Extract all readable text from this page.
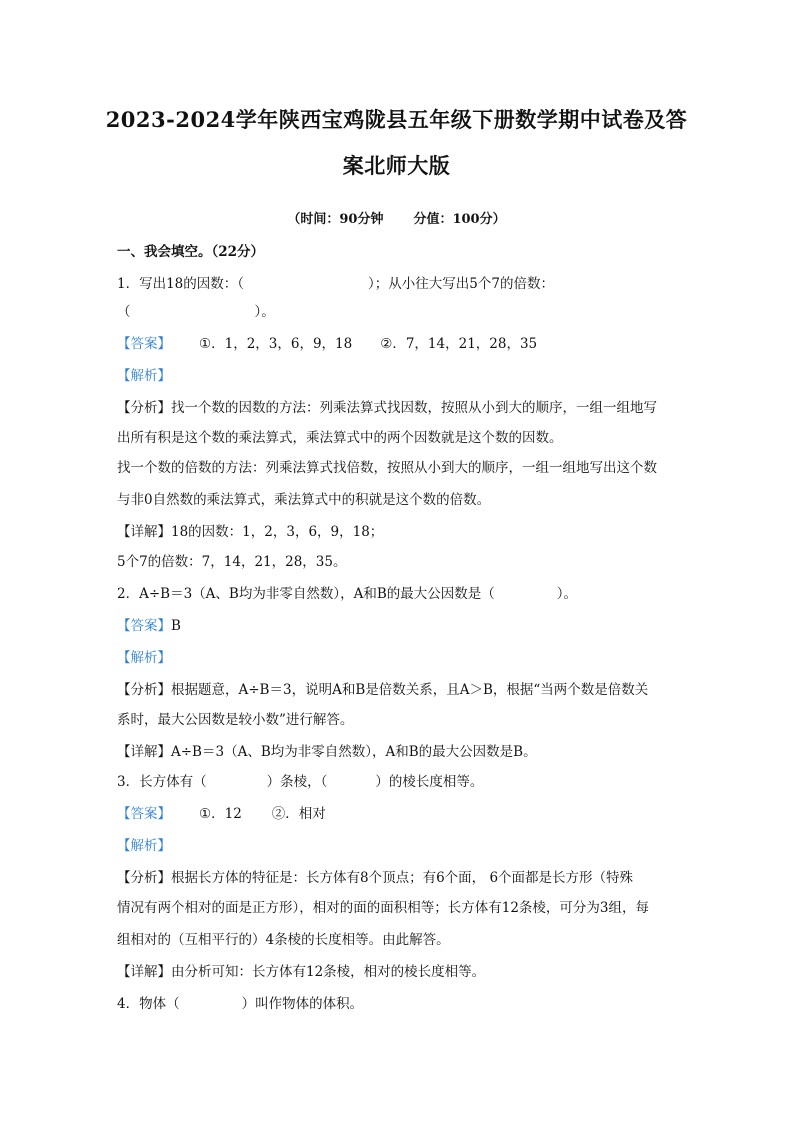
2023-2024学年陕西宝鸡陇县五年级下册数学期中试卷及答
案北师大版
（时间：90分钟 分值：100分）
一、我会填空。（22分）
1．写出18的因数：（	）；从小往大写出5个7的倍数：
（	）。
【答案】 ①．1，2，3，6，9，18 ②．7，14，21，28，35
【解析】
【分析】找一个数的因数的方法：列乘法算式找因数，按照从小到大的顺序，一组一组地写
出所有积是这个数的乘法算式，乘法算式中的两个因数就是这个数的因数。
找一个数的倍数的方法：列乘法算式找倍数，按照从小到大的顺序，一组一组地写出这个数
与非0自然数的乘法算式，乘法算式中的积就是这个数的倍数。
【详解】18的因数：1，2，3，6，9，18；
5个7的倍数：7，14，21，28，35。
2．A÷B＝3（A、B均为非零自然数），A和B的最大公因数是（	）。
【答案】B
【解析】
【分析】根据题意，A÷B＝3，说明A和B是倍数关系，且A＞B，根据“当两个数是倍数关
系时，最大公因数是较小数”进行解答。
【详解】A÷B＝3（A、B均为非零自然数），A和B的最大公因数是B。
3．长方体有（	）条棱，（	）的棱长度相等。
【答案】 ①．12 ②．相对
【解析】
【分析】根据长方体的特征是：长方体有8个顶点；有6个面， 6个面都是长方形（特殊
情况有两个相对的面是正方形），相对的面的面积相等；长方体有12条棱，可分为3组，每
组相对的（互相平行的）4条棱的长度相等。由此解答。
【详解】由分析可知：长方体有12条棱，相对的棱长度相等。
4．物体（	）叫作物体的体积。
